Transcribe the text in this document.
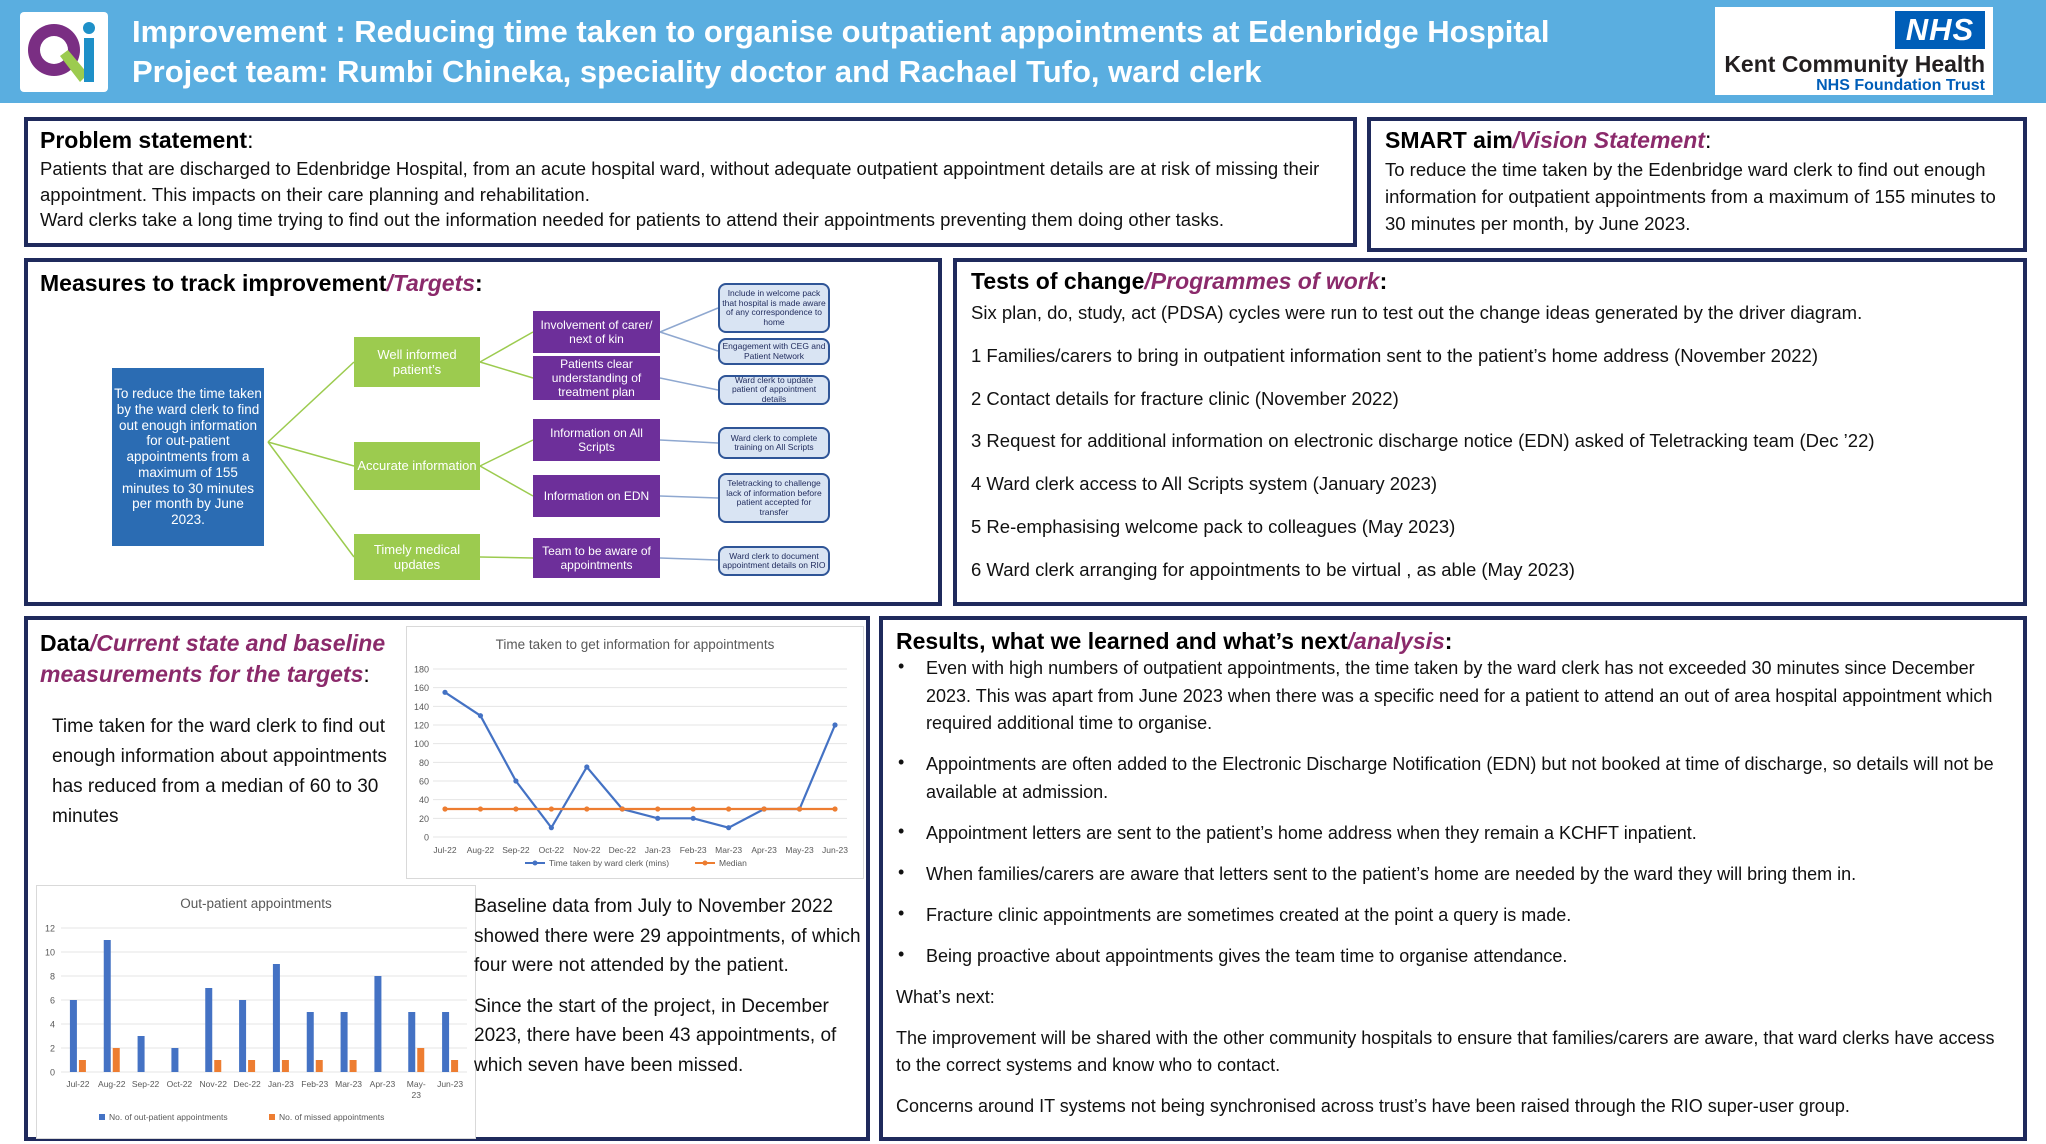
Qi
Improvement : Reducing time taken to organise outpatient appointments at Edenbridge Hospital
Project team: Rumbi Chineka, speciality doctor and Rachael Tufo, ward clerk
NHS
Kent Community Health
NHS Foundation Trust
Problem statement:

Patients that are discharged to Edenbridge Hospital, from an acute hospital ward, without adequate outpatient appointment details are at risk of missing their appointment. This impacts on their care planning and rehabilitation.

Ward clerks take a long time trying to find out the information needed for patients to attend their appointments preventing them doing other tasks.

SMART aim/Vision Statement:

To reduce the time taken by the Edenbridge ward clerk to find out enough information for outpatient appointments from a maximum of 155 minutes to 30 minutes per month, by June 2023.

Measures to track improvement/Targets:
To reduce the time taken by the ward clerk to find out enough information for out-patient appointments from a maximum of 155 minutes to 30 minutes per month by June 2023.
Well informed patient’s
Accurate information
Timely medical updates
Involvement of carer/ next of kin
Patients clear understanding of treatment plan
Information on All Scripts
Information on EDN
Team to be aware of appointments
Include in welcome pack that hospital is made aware of any correspondence to home
Engagement with CEG and Patient Network
Ward clerk to update patient of appointment details
Ward clerk to complete training on All Scripts
Teletracking to challenge lack of information before patient accepted for transfer
Ward clerk to document appointment details on RIO
Tests of change/Programmes of work:

Six plan, do, study, act (PDSA) cycles were run to test out the change ideas generated by the driver diagram.

1 Families/carers to bring in outpatient information sent to the patient’s home address (November 2022)

2 Contact details for fracture clinic (November 2022)

3 Request for additional information on electronic discharge notice (EDN) asked of Teletracking team (Dec ’22)

4 Ward clerk access to All Scripts system (January 2023)

5 Re-emphasising welcome pack to colleagues (May 2023)

6 Ward clerk arranging for appointments to be virtual , as able (May 2023)

Data/Current state and baseline
measurements for the targets:

Time taken for the ward clerk to find out enough information about appointments has reduced from a median of 60 to 30 minutes

Time taken to get information for appointments
0
20
40
60
80
100
120
140
160
180
Jul-22 Aug-22 Sep-22 Oct-22 Nov-22 Dec-22 Jan-23 Feb-23 Mar-23 Apr-23 May-23 Jun-23
Time taken by ward clerk (mins)	Median
Out-patient appointments
0
2
4
6
8
10
12
Jul-22 Aug-22 Sep-22 Oct-22 Nov-22 Dec-22 Jan-23 Feb-23 Mar-23 Apr-23 May-
23
Jun-23
No. of out-patient appointments	No. of missed appointments

Baseline data from July to November 2022 showed there were 29 appointments, of which four were not attended by the patient.

Since the start of the project, in December 2023, there have been 43 appointments, of which seven have been missed.

Results, what we learned and what’s next/analysis:
• Even with high numbers of outpatient appointments, the time taken by the ward clerk has not exceeded 30 minutes since December 2023. This was apart from June 2023 when there was a specific need for a patient to attend an out of area hospital appointment which required additional time to organise.
• Appointments are often added to the Electronic Discharge Notification (EDN) but not booked at time of discharge, so details will not be available at admission.
• Appointment letters are sent to the patient’s home address when they remain a KCHFT inpatient.
• When families/carers are aware that letters sent to the patient’s home are needed by the ward they will bring them in.
• Fracture clinic appointments are sometimes created at the point a query is made.
• Being proactive about appointments gives the team time to organise attendance.

What’s next:

The improvement will be shared with the other community hospitals to ensure that families/carers are aware, that ward clerks have access to the correct systems and know who to contact.

Concerns around IT systems not being synchronised across trust’s have been raised through the RIO super-user group.
